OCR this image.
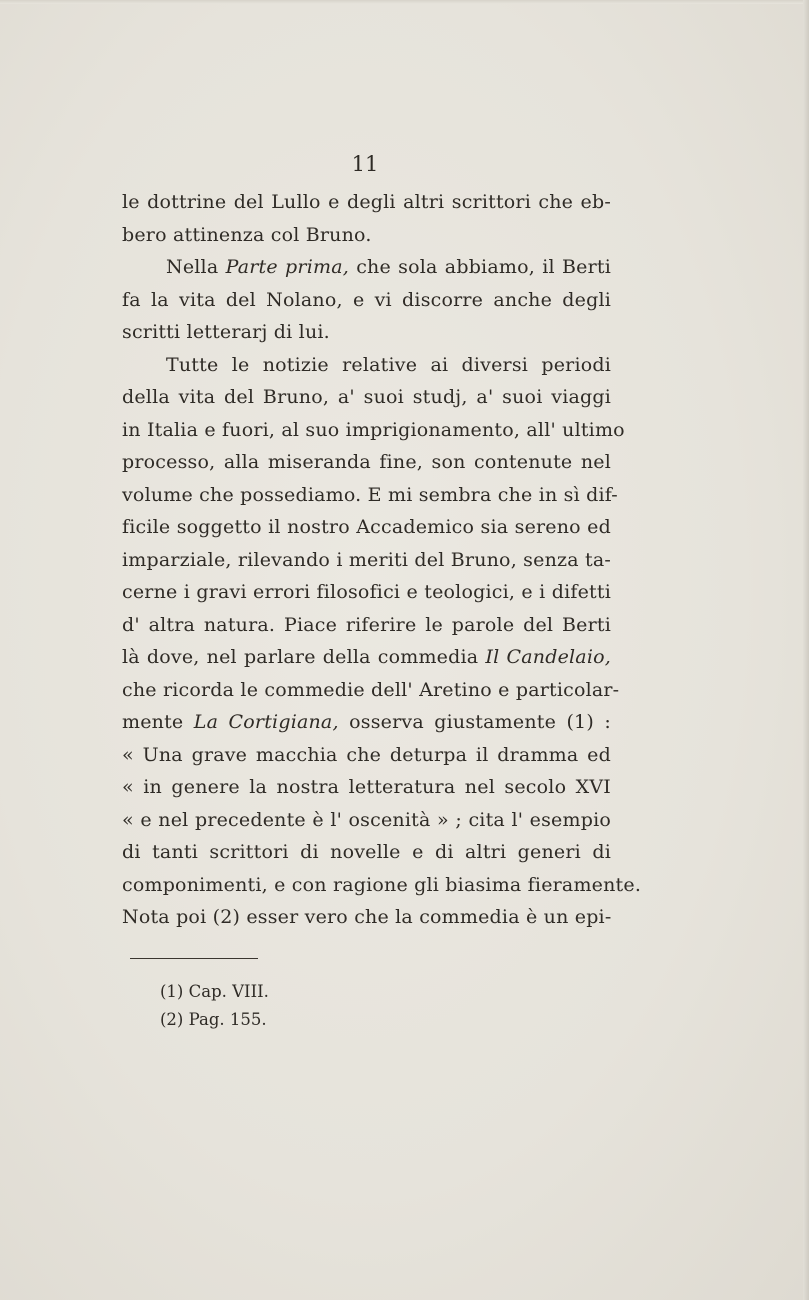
11
le dottrine del Lullo e degli altri scrittori che eb-
bero attinenza col Bruno.
Nella Parte prima, che sola abbiamo, il Berti
fa la vita del Nolano, e vi discorre anche degli
scritti letterarj di lui.
Tutte le notizie relative ai diversi periodi
della vita del Bruno, a' suoi studj, a' suoi viaggi
in Italia e fuori, al suo imprigionamento, all' ultimo
processo, alla miseranda fine, son contenute nel
volume che possediamo. E mi sembra che in sì dif-
ficile soggetto il nostro Accademico sia sereno ed
imparziale, rilevando i meriti del Bruno, senza ta-
cerne i gravi errori filosofici e teologici, e i difetti
d' altra natura. Piace riferire le parole del Berti
là dove, nel parlare della commedia Il Candelaio,
che ricorda le commedie dell' Aretino e particolar-
mente La Cortigiana, osserva giustamente (1) :
« Una grave macchia che deturpa il dramma ed
« in genere la nostra letteratura nel secolo XVI
« e nel precedente è l' oscenità » ; cita l' esempio
di tanti scrittori di novelle e di altri generi di
componimenti, e con ragione gli biasima fieramente.
Nota poi (2) esser vero che la commedia è un epi-
(1) Cap. VIII.
(2) Pag. 155.
